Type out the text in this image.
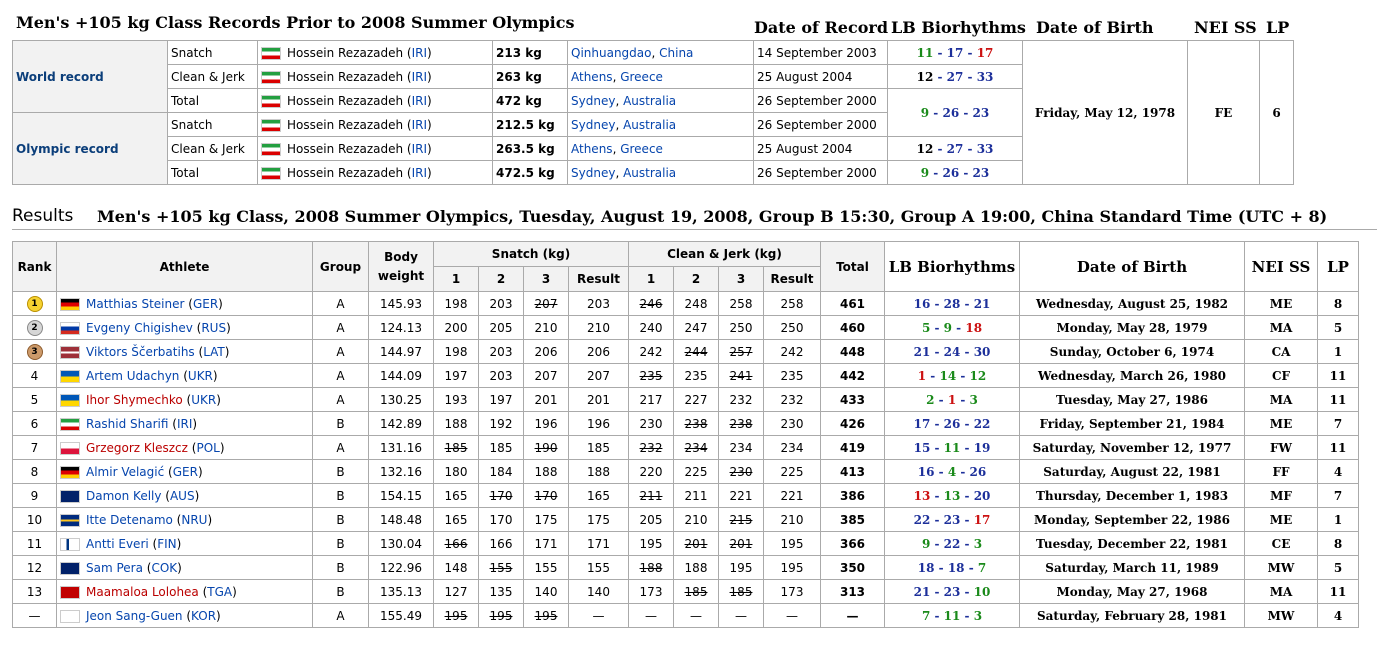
Men's +105 kg Class Records Prior to 2008 Summer Olympics	Date of Record LB Biorhythms Date of Birth	NEI SS LP
World record	Snatch	Hossein Rezazadeh (IRI)	213 kg	Qinhuangdao, China	14 September 2003	11 - 17 - 17	Friday, May 12, 1978	FE	6
	Clean & Jerk	Hossein Rezazadeh (IRI)	263 kg	Athens, Greece	25 August 2004	12 - 27 - 33			
	Total	Hossein Rezazadeh (IRI)	472 kg	Sydney, Australia	26 September 2000	9 - 26 - 23			
Olympic record	Snatch	Hossein Rezazadeh (IRI)	212.5 kg	Sydney, Australia	26 September 2000				
	Clean & Jerk	Hossein Rezazadeh (IRI)	263.5 kg	Athens, Greece	25 August 2004	12 - 27 - 33			
	Total	Hossein Rezazadeh (IRI)	472.5 kg	Sydney, Australia	26 September 2000	9 - 26 - 23			
Results Men's +105 kg Class, 2008 Summer Olympics, Tuesday, August 19, 2008, Group B 15:30, Group A 19:00, China Standard Time (UTC + 8)
Rank	Athlete	Group	Body weight	Snatch (kg)				Clean & Jerk (kg)				Total	LB Biorhythms	Date of Birth	NEI SS	LP
				1	2	3	Result	1	2	3	Result					
1	Matthias Steiner (GER)	A	145.93	198	203	207	203	246	248	258	258	461	16 - 28 - 21	Wednesday, August 25, 1982	ME	8
2	Evgeny Chigishev (RUS)	A	124.13	200	205	210	210	240	247	250	250	460	5 - 9 - 18	Monday, May 28, 1979	MA	5
3	Viktors Ščerbatihs (LAT)	A	144.97	198	203	206	206	242	244	257	242	448	21 - 24 - 30	Sunday, October 6, 1974	CA	1
4	Artem Udachyn (UKR)	A	144.09	197	203	207	207	235	235	241	235	442	1 - 14 - 12	Wednesday, March 26, 1980	CF	11
5	Ihor Shymechko (UKR)	A	130.25	193	197	201	201	217	227	232	232	433	2 - 1 - 3	Tuesday, May 27, 1986	MA	11
6	Rashid Sharifi (IRI)	B	142.89	188	192	196	196	230	238	238	230	426	17 - 26 - 22	Friday, September 21, 1984	ME	7
7	Grzegorz Kleszcz (POL)	A	131.16	185	185	190	185	232	234	234	234	419	15 - 11 - 19	Saturday, November 12, 1977	FW	11
8	Almir Velagić (GER)	B	132.16	180	184	188	188	220	225	230	225	413	16 - 4 - 26	Saturday, August 22, 1981	FF	4
9	Damon Kelly (AUS)	B	154.15	165	170	170	165	211	211	221	221	386	13 - 13 - 20	Thursday, December 1, 1983	MF	7
10	Itte Detenamo (NRU)	B	148.48	165	170	175	175	205	210	215	210	385	22 - 23 - 17	Monday, September 22, 1986	ME	1
11	Antti Everi (FIN)	B	130.04	166	166	171	171	195	201	201	195	366	9 - 22 - 3	Tuesday, December 22, 1981	CE	8
12	Sam Pera (COK)	B	122.96	148	155	155	155	188	188	195	195	350	18 - 18 - 7	Saturday, March 11, 1989	MW	5
13	Maamaloa Lolohea (TGA)	B	135.13	127	135	140	140	173	185	185	173	313	21 - 23 - 10	Monday, May 27, 1968	MA	11
—	Jeon Sang-Guen (KOR)	A	155.49	195	195	195	—	—	—	—	—	—	7 - 11 - 3	Saturday, February 28, 1981	MW	4
